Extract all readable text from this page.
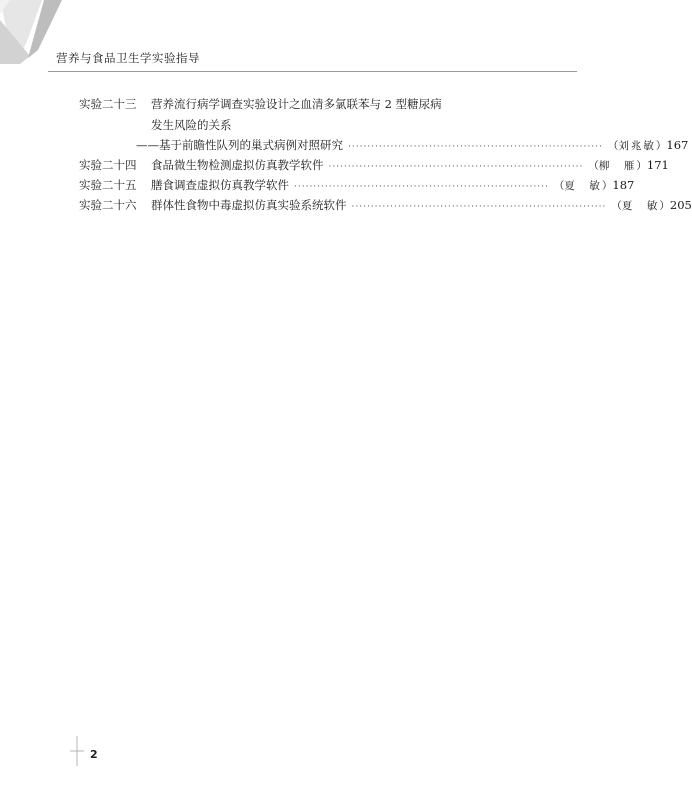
营养与食品卫生学实验指导
实验二十三	营养流行病学调查实验设计之血清多氯联苯与 2 型糖尿病
发生风险的关系
——基于前瞻性队列的巢式病例对照研究 ·································································· （刘兆敏） 167
实验二十四	食品微生物检测虚拟仿真教学软件 ·································································· （柳　雁） 171
实验二十五	膳食调查虚拟仿真教学软件 ·································································· （夏　敏） 187
实验二十六	群体性食物中毒虚拟仿真实验系统软件 ·································································· （夏　敏） 205
2
